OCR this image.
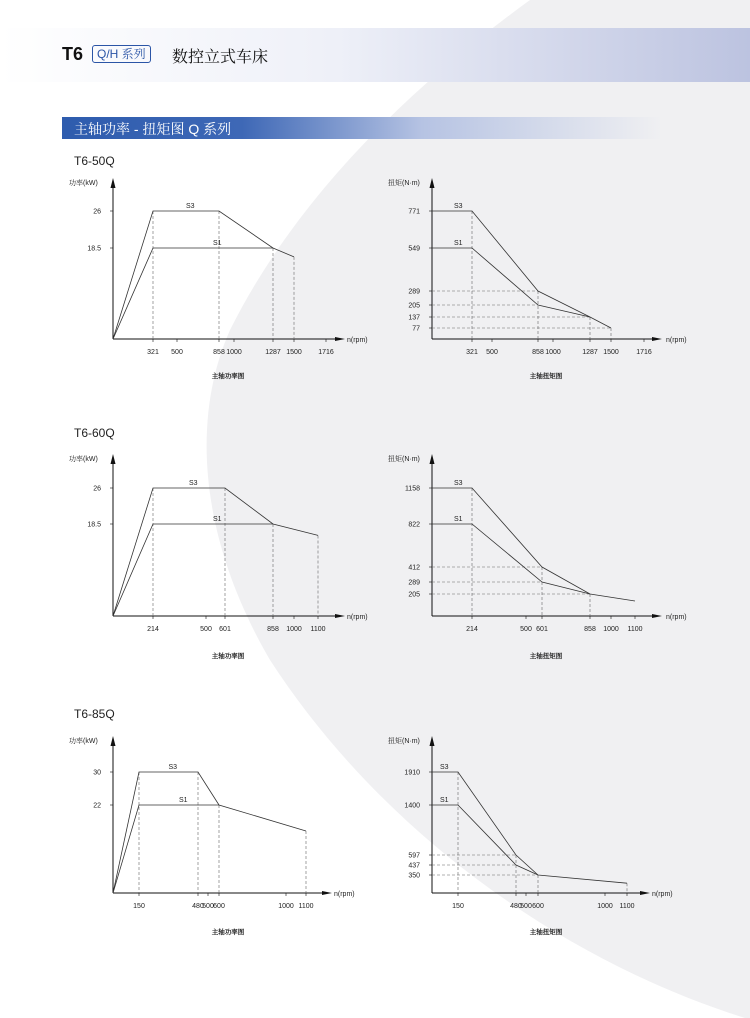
T6	Q/H 系列	数控立式车床
主轴功率 - 扭矩图 Q 系列
T6-50Q
T6-60Q
T6-85Q
S3
S1
26
18.5
321 500	858 1000	1287 1500 1716
功率(kW)
n(rpm)
主轴功率图
S3
S1
771
549
289
205
137
77
321 500	858 1000	1287 1500 1716
扭矩(N·m)
n(rpm)
主轴扭矩图
S3
S1
26
18.5
214	500 601	858 1000 1100
功率(kW)
n(rpm)
主轴功率图
S3
S1
1158
822
412
289
205
214	500 601	858 1000 1100
扭矩(N·m)
n(rpm)
主轴扭矩图
S3
S1
30
22
150	480
500 600	1000 1100
功率(kW)
n(rpm)
主轴功率图
S3
S1
1910
1400
597
437
350
150	480
500 600	1000 1100
扭矩(N·m)
n(rpm)
主轴扭矩图
